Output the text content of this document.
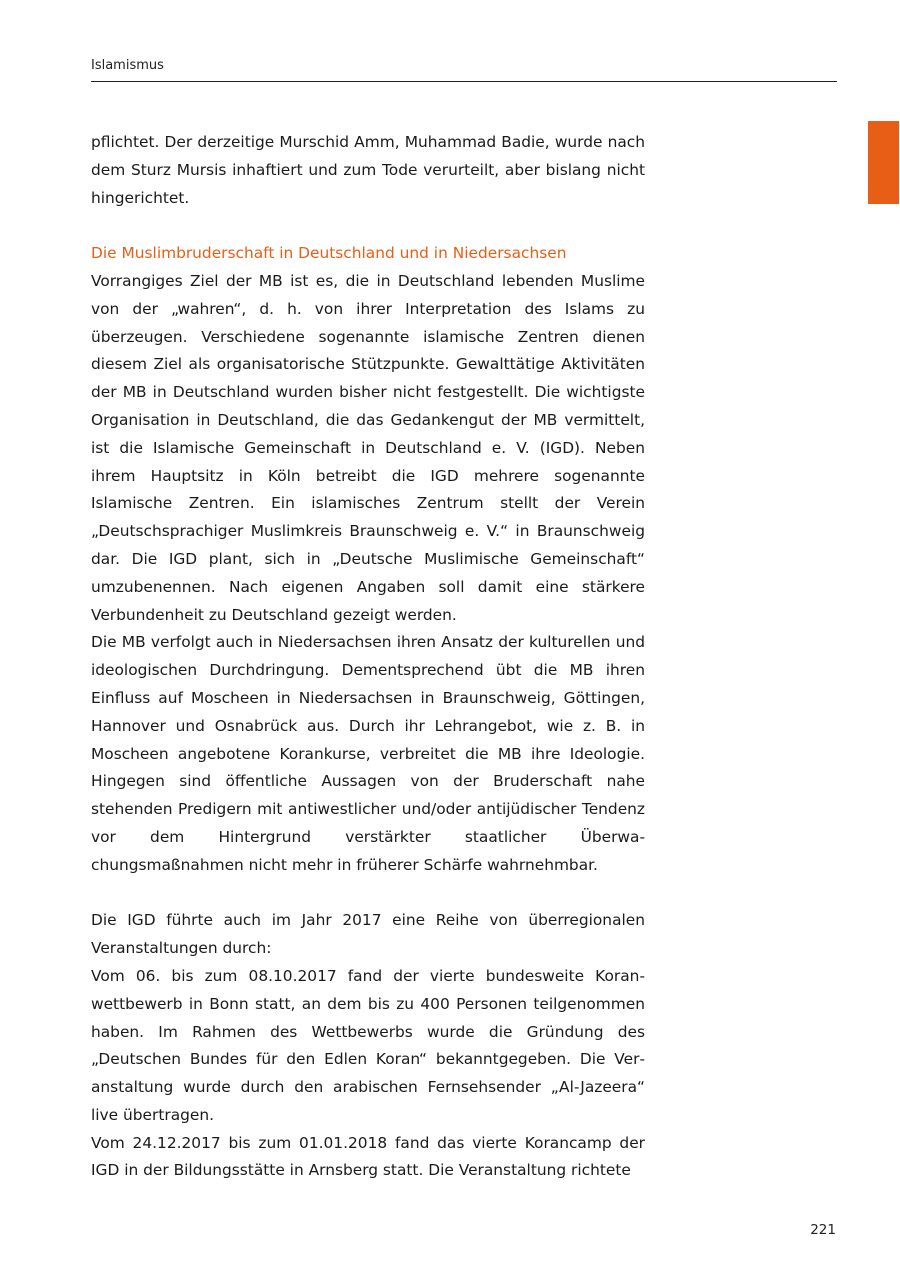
Islamismus

pflichtet. Der derzeitige Murschid Amm, Muhammad Badie, wurde nach dem Sturz Mursis inhaftiert und zum Tode verurteilt, aber bislang nicht hingerichtet.

Die Muslimbruderschaft in Deutschland und in Niedersachsen

Vorrangiges Ziel der MB ist es, die in Deutschland lebenden Muslime von der „wahren“, d. h. von ihrer Interpretation des Islams zu überzeugen. Verschiedene sogenannte islamische Zentren dienen diesem Ziel als organisatorische Stützpunkte. Gewalttätige Aktivitäten der MB in Deutschland wurden bisher nicht festgestellt. Die wichtigste Organisation in Deutschland, die das Gedankengut der MB vermittelt, ist die Islamische Gemeinschaft in Deutschland e. V. (IGD). Neben ihrem Hauptsitz in Köln betreibt die IGD mehrere sogenannte Islamische Zentren. Ein islamisches Zentrum stellt der Verein „Deutschsprachiger Muslimkreis Braunschweig e. V.“ in Braunschweig dar. Die IGD plant, sich in „Deutsche Muslimische Gemeinschaft“ umzubenennen. Nach eigenen Angaben soll damit eine stärkere Verbundenheit zu Deutschland gezeigt werden.

Die MB verfolgt auch in Niedersachsen ihren Ansatz der kulturellen und ideologischen Durchdringung. Dementsprechend übt die MB ihren Einfluss auf Moscheen in Niedersachsen in Braunschweig, Göttingen, Hannover und Osnabrück aus. Durch ihr Lehrangebot, wie z. B. in Moscheen angebotene Korankurse, verbreitet die MB ihre Ideologie. Hingegen sind öffentliche Aussagen von der Bruderschaft nahe stehenden Predigern mit antiwestlicher und/oder antijüdischer Tendenz vor dem Hintergrund verstärkter staatlicher Überwachungsmaßnahmen nicht mehr in früherer Schärfe wahrnehmbar.

Die IGD führte auch im Jahr 2017 eine Reihe von überregionalen Veranstaltungen durch:

Vom 06. bis zum 08.10.2017 fand der vierte bundesweite Koranwettbewerb in Bonn statt, an dem bis zu 400 Personen teilgenommen haben. Im Rahmen des Wettbewerbs wurde die Gründung des „Deutschen Bundes für den Edlen Koran“ bekanntgegeben. Die Veranstaltung wurde durch den arabischen Fernsehsender „Al-Jazeera“ live übertragen.

Vom 24.12.2017 bis zum 01.01.2018 fand das vierte Korancamp der IGD in der Bildungsstätte in Arnsberg statt. Die Veranstaltung richtete

221
